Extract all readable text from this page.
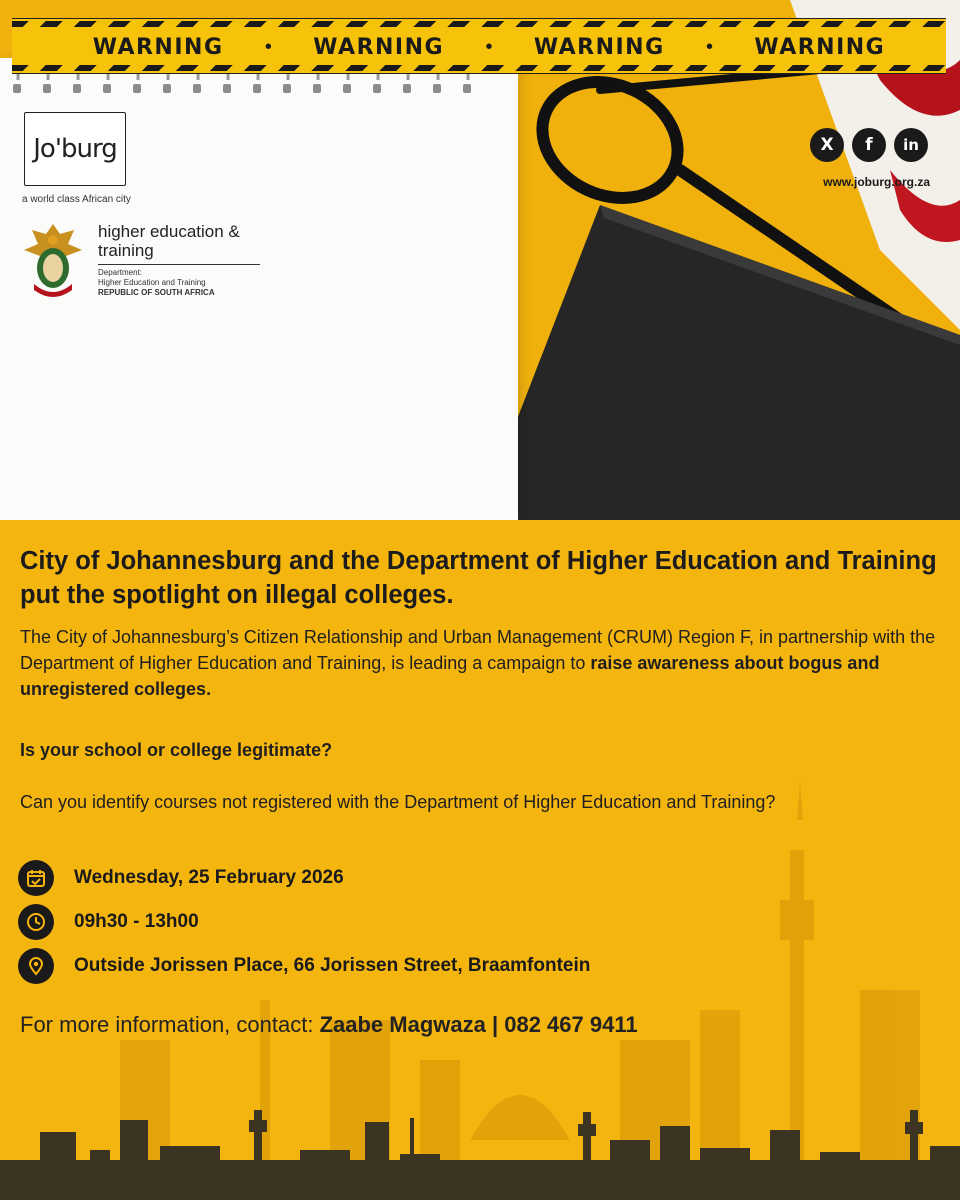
WARNING • WARNING • WARNING • WARNING
Jo'burg
a world class African city
higher education & training
Department:
Higher Education and Training
REPUBLIC OF SOUTH AFRICA
X	f	in
www.joburg.org.za
City of Johannesburg and the Department of Higher Education and Training put the spotlight on illegal colleges.
The City of Johannesburg’s Citizen Relationship and Urban Management (CRUM) Region F, in partnership with the Department of Higher Education and Training, is leading a campaign to raise awareness about bogus and unregistered colleges.
Is your school or college legitimate?
Can you identify courses not registered with the Department of Higher Education and Training?
Wednesday, 25 February 2026
09h30 - 13h00
Outside Jorissen Place, 66 Jorissen Street, Braamfontein
For more information, contact: Zaabe Magwaza | 082 467 9411
